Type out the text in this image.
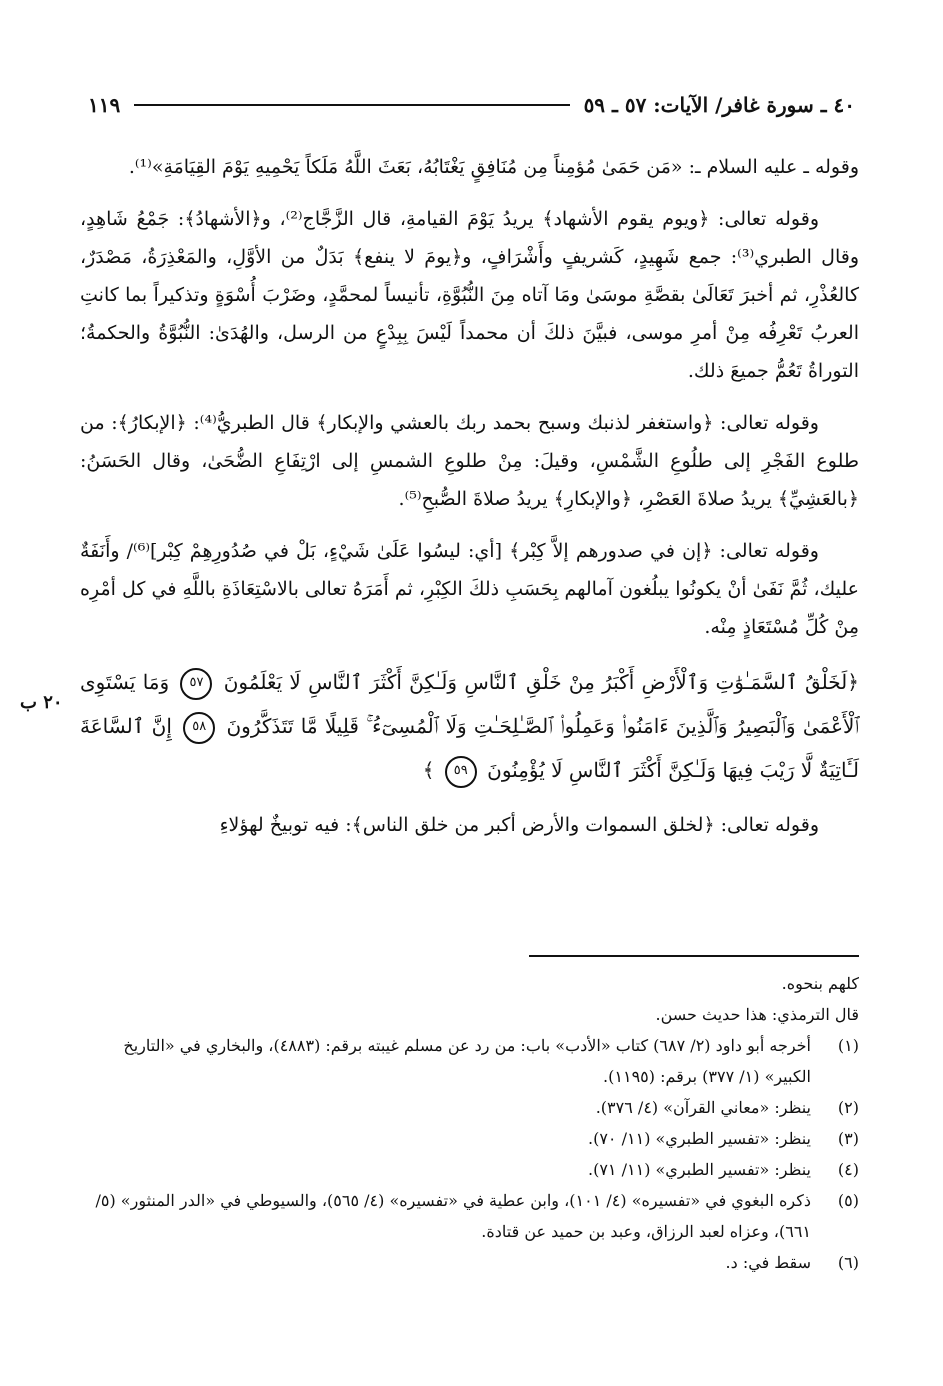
٤٠ ـ سورة غافر/ الآيات: ٥٧ ـ ٥٩
١١٩
٢٠ ب

وقوله ـ عليه السلام ـ: «مَن حَمَىٰ مُؤمِناً مِن مُنَافِقٍ يَغْتَابُهُ، بَعَثَ اللَّهُ مَلَكاً يَحْمِيهِ يَوْمَ القِيَامَةِ»⁽¹⁾.

وقوله تعالى: ﴿ويوم يقوم الأشهاد﴾ يريدُ يَوْمَ القيامةِ، قال الزَّجَّاج⁽²⁾، و﴿الأشهادُ﴾: جَمْعُ شَاهِدٍ، وقال الطبري⁽³⁾: جمع شَهِيدٍ، كَشريفٍ وأَشْرَافٍ، و﴿يومَ لا ينفع﴾ بَدَلٌ من الأوَّلِ، والمَعْذِرَةُ، مَصْدَرٌ، كالعُذْرِ، ثم أخبرَ تَعَالَىٰ بقصَّةِ موسَىٰ ومَا آتاه مِنَ النُّبُوَّةِ، تأنيساً لمحمَّدٍ، وضَرْبَ أُسْوَةٍ وتذكيراً بما كانتِ العربُ تَعْرِفُه مِنْ أمرِ موسى، فبيَّنَ ذلكَ أن محمداً لَيْسَ بِبِدْعٍ من الرسل، والهُدَىٰ: النُّبُوَّةُ والحكمةُ؛ التوراةُ تَعُمُّ جميعَ ذلك.

وقوله تعالى: ﴿واستغفر لذنبك وسبح بحمد ربك بالعشي والإبكار﴾ قال الطبريُّ⁽⁴⁾: ﴿الإبكارُ﴾: من طلوع الفَجْرِ إلى طلُوعِ الشَّمْسِ، وقيلَ: مِنْ طلوعِ الشمسِ إلى ارْتِفَاعِ الضُّحَىٰ، وقال الحَسَنُ: ﴿بالعَشِيِّ﴾ يريدُ صلاةَ العَصْرِ، ﴿والإبكارِ﴾ يريدُ صلاةَ الصُّبحِ⁽⁵⁾.

وقوله تعالى: ﴿إن في صدورهم إلاَّ كِبْر﴾ [أي: ليسُوا عَلَىٰ شَيْءٍ، بَلْ في صُدُورِهِمْ كِبْر]⁽⁶⁾/ وأَنَفَةٌ عليك، ثُمَّ نَفَىٰ أنْ يكونُوا يبلُغون آمالهم بِحَسَبِ ذلكَ الكِبْرِ، ثم أَمَرَهُ تعالى بالاسْتِعَاذَةِ باللَّهِ في كل أمْرِه مِنْ كُلِّ مُسْتَعَاذٍ مِنْه.

﴿لَخَلْقُ ٱلسَّمَـٰوَٰتِ وَٱلْأَرْضِ أَكْبَرُ مِنْ خَلْقِ ٱلنَّاسِ وَلَـٰكِنَّ أَكْثَرَ ٱلنَّاسِ لَا يَعْلَمُونَ ٥٧ وَمَا يَسْتَوِى ٱلْأَعْمَىٰ وَٱلْبَصِيرُ وَٱلَّذِينَ ءَامَنُوا۟ وَعَمِلُوا۟ ٱلصَّـٰلِحَـٰتِ وَلَا ٱلْمُسِىٓءُ ۚ قَلِيلًا مَّا تَتَذَكَّرُونَ ٥٨ إِنَّ ٱلسَّاعَةَ لَـَٔاتِيَةٌ لَّا رَيْبَ فِيهَا وَلَـٰكِنَّ أَكْثَرَ ٱلنَّاسِ لَا يُؤْمِنُونَ ٥٩ ﴾

وقوله تعالى: ﴿لخلق السموات والأرض أكبر من خلق الناس﴾: فيه توبيخٌ لهؤلاءِ

كلهم بنحوه.

قال الترمذي: هذا حديث حسن.

(١)
أخرجه أبو داود (٢/ ٦٨٧) كتاب «الأدب» باب: من رد عن مسلم غيبته برقم: (٤٨٨٣)، والبخاري في «التاريخ الكبير» (١/ ٣٧٧) برقم: (١١٩٥).
(٢)
ينظر: «معاني القرآن» (٤/ ٣٧٦).
(٣)
ينظر: «تفسير الطبري» (١١/ ٧٠).
(٤)
ينظر: «تفسير الطبري» (١١/ ٧١).
(٥)
ذكره البغوي في «تفسيره» (٤/ ١٠١)، وابن عطية في «تفسيره» (٤/ ٥٦٥)، والسيوطي في «الدر المنثور» (٥/ ٦٦١)، وعزاه لعبد الرزاق، وعبد بن حميد عن قتادة.
(٦)
سقط في: د.
